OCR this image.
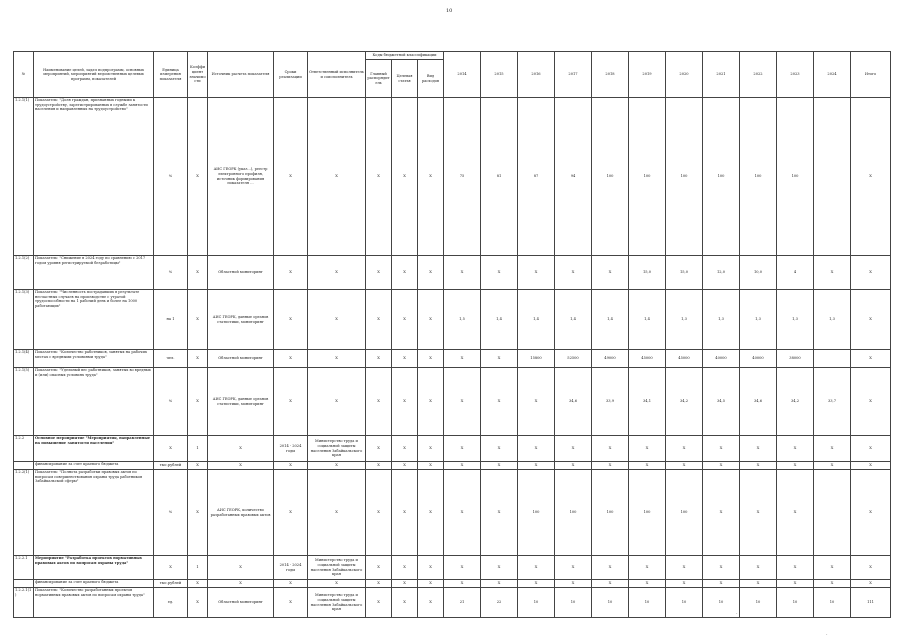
10
№	Наименование целей, задач подпрограмм, основных мероприятий, мероприятий ведомственных целевых программ, показателей	Единица измерения показателя	Коэффициент значимости	Источник расчета показателя	Сроки реализации	Ответственный исполнитель и соисполнитель	Коды бюджетной классификации			2014	2015	2016	2017	2018	2019	2020	2021	2022	2023	2024	Итого
							Главный распорядитель	Целевая статья	Вид расходов												
1.2.1(1)	Показатель: "Доля граждан, признанных годными к трудоустройству, зарегистрированных в службе занятости населения и направленных на трудоустройство"	%	X	АИС ГЕОРК (указ...), реестр электронного профиля, источник формирования показателя ...	X	X	X	X	X	75	81	87	94	100	100	100	100	100	100		X
1.2.1(2)	Показатель: "Снижение в 2024 году по сравнению с 2017 годом уровня регистрируемой безработицы"	%	X	Областной мониторинг	X	X	X	X	X	X	X	X	X	X	15,0	15,0	12,0	10,0	4	X	X
1.2.1(3)	Показатель: "Численность пострадавших в результате несчастных случаев на производстве с утратой трудоспособности на 1 рабочий день и более на 1000 работающих"	на 1	X	АИС ГЕОРК, данные органов статистики, мониторинг	X	X	X	X	X	1,5	1,4	1,4	1,4	1,4	1,4	1,3	1,3	1,3	1,3	1,3	X
1.2.1(4)	Показатель: "Количество работников, занятых на рабочих местах с вредными условиями труда"	чел.	X	Областной мониторинг	X	X	X	X	X	X	X	15800	52500	49000	45000	45000	40000	40000	38000		X
1.2.1(5)	Показатель: "Удельный вес работников, занятых во вредных и (или) опасных условиях труда"	%	X	АИС ГЕОРК, данные органов статистики, мониторинг	X	X	X	X	X	X	X	X	34,6	33,9	34,1	34,2	34,5	34,6	34,2	33,7	X
1.2.2	Основное мероприятие "Мероприятия, направленные на повышение занятости населения"	X	1	X	2014 - 2024 годы	Министерство труда и социальной защиты населения Забайкальского края	X	X	X	X	X	X	X	X	X	X	X	X	X	X	X
	финансирование за счет краевого бюджета	тыс.рублей	X	X	X	X	X	X	X	X	X	X	X	X	X	X	X	X	X	X	X
1.2.2(1)	Показатель: "Полнота разработки правовых актов по вопросам совершенствования охраны труда работников Забайкальской сферы"	%	X	АИС ГЕОРК, количество разработанных правовых актов	X	X	X	X	X	X	X	100	100	100	100	100	X	X	X		X
1.2.2.1	Мероприятие "Разработка проектов нормативных правовых актов по вопросам охраны труда"	X	1	X	2014 - 2024 годы	Министерство труда и социальной защиты населения Забайкальского края	X	X	X	X	X	X	X	X	X	X	X	X	X	X	X
	финансирование за счет краевого бюджета	тыс.рублей	X	X	X	X	X	X	X	X	X	X	X	X	X	X	X	X	X	X	X
1.2.2.1(1)	Показатель: "Количество разработанных проектов нормативных правовых актов по вопросам охраны труда"	ед.	X	Областной мониторинг	X	Министерство труда и социальной защиты населения Забайкальского края	X	X	X	21	22	10	10	10	10	10	10	10	10	10	111
·
·
